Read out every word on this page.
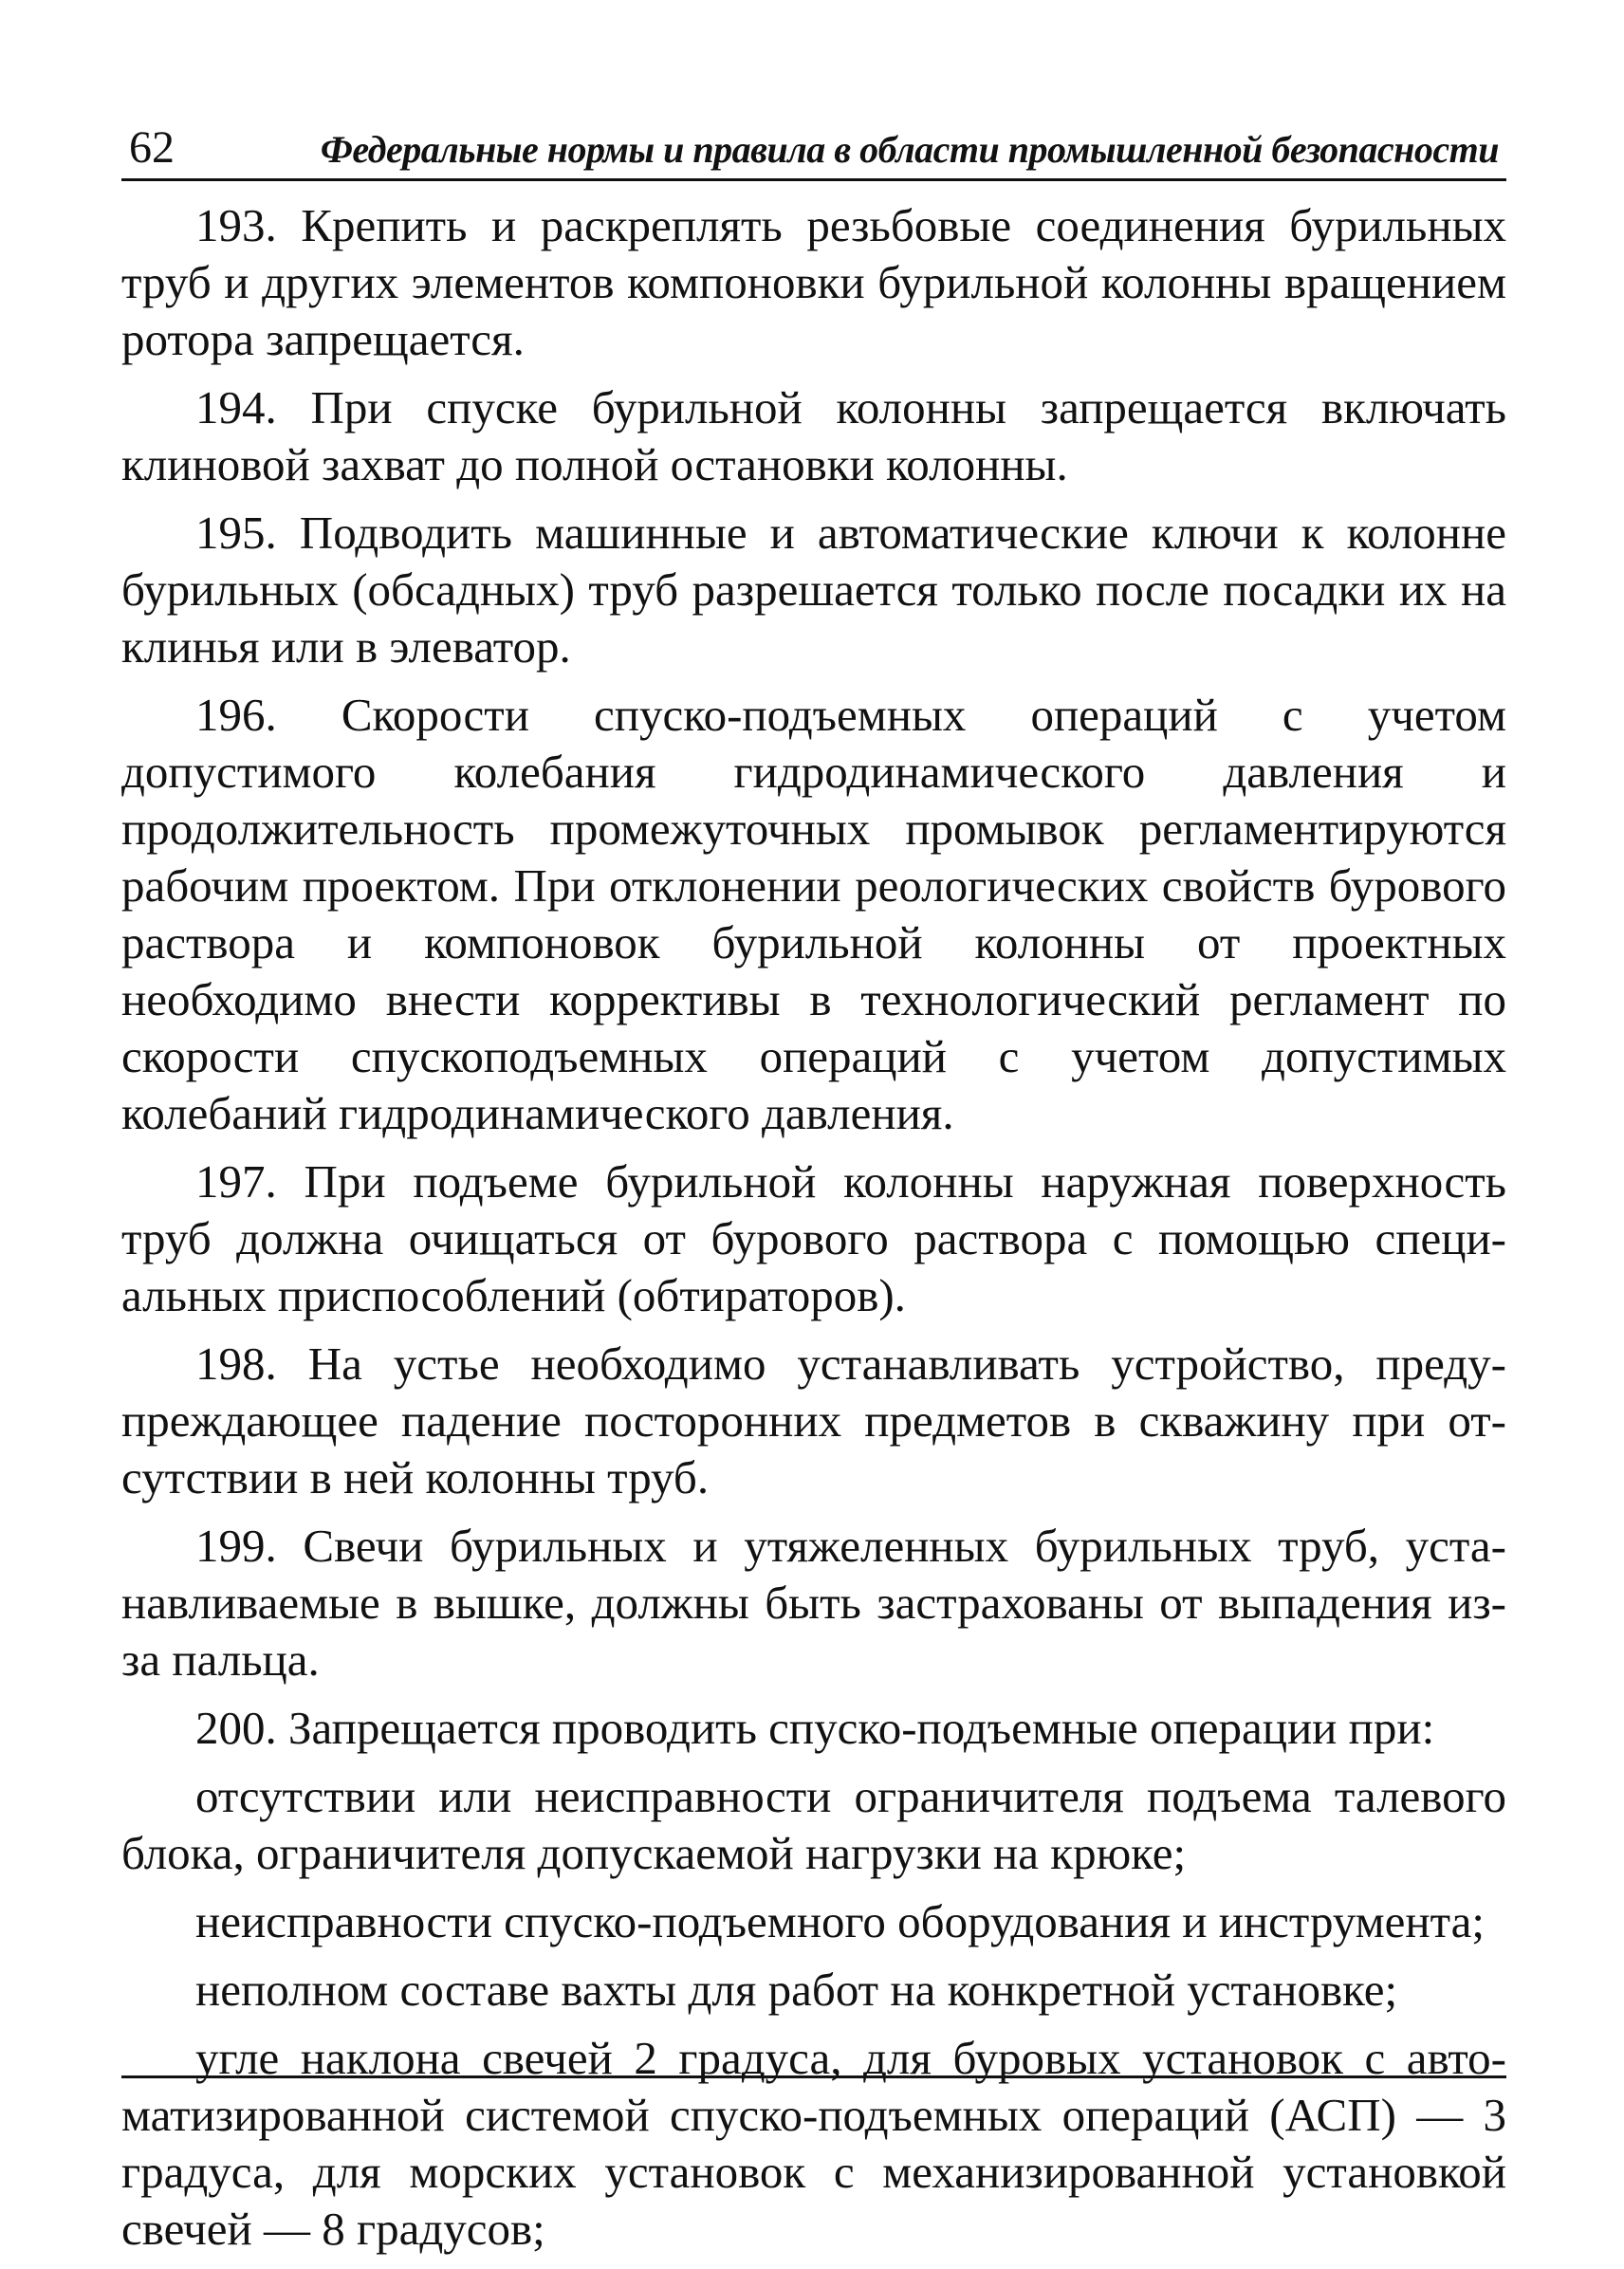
62	Федеральные нормы и правила в области промышленной безопасности

193. Крепить и раскреплять резьбовые соединения бурильных труб и других элементов компоновки бурильной колонны вращением ротора запрещается.

194. При спуске бурильной колонны запрещается включать клиновой захват до полной остановки колонны.

195. Подводить машинные и автоматические ключи к колонне бурильных (обсадных) труб разрешается только после посадки их на клинья или в элеватор.

196. Скорости спуско-подъемных операций с учетом допустимого колебания гидродинамического давления и продолжительность промежуточных промывок регламентируются рабочим проектом. При отклонении реологических свойств бурового раствора и компоновок бурильной колонны от проектных необходимо внести коррективы в технологический регламент по скорости спускоподъемных операций с учетом допустимых колебаний гидродинамического давления.

197. При подъеме бурильной колонны наружная поверхность труб должна очищаться от бурового раствора с помощью специальных приспособлений (обтираторов).

198. На устье необходимо устанавливать устройство, предупреждающее падение посторонних предметов в скважину при отсутствии в ней колонны труб.

199. Свечи бурильных и утяжеленных бурильных труб, устанавливаемые в вышке, должны быть застрахованы от выпадения из-за пальца.

200. Запрещается проводить спуско-подъемные операции при:

отсутствии или неисправности ограничителя подъема талевого блока, ограничителя допускаемой нагрузки на крюке;

неисправности спуско-подъемного оборудования и инструмента;

неполном составе вахты для работ на конкретной установке;

угле наклона свечей 2 градуса, для буровых установок с автоматизированной системой спуско-подъемных операций (АСП) — 3 градуса, для морских установок с механизированной установкой свечей — 8 градусов;
